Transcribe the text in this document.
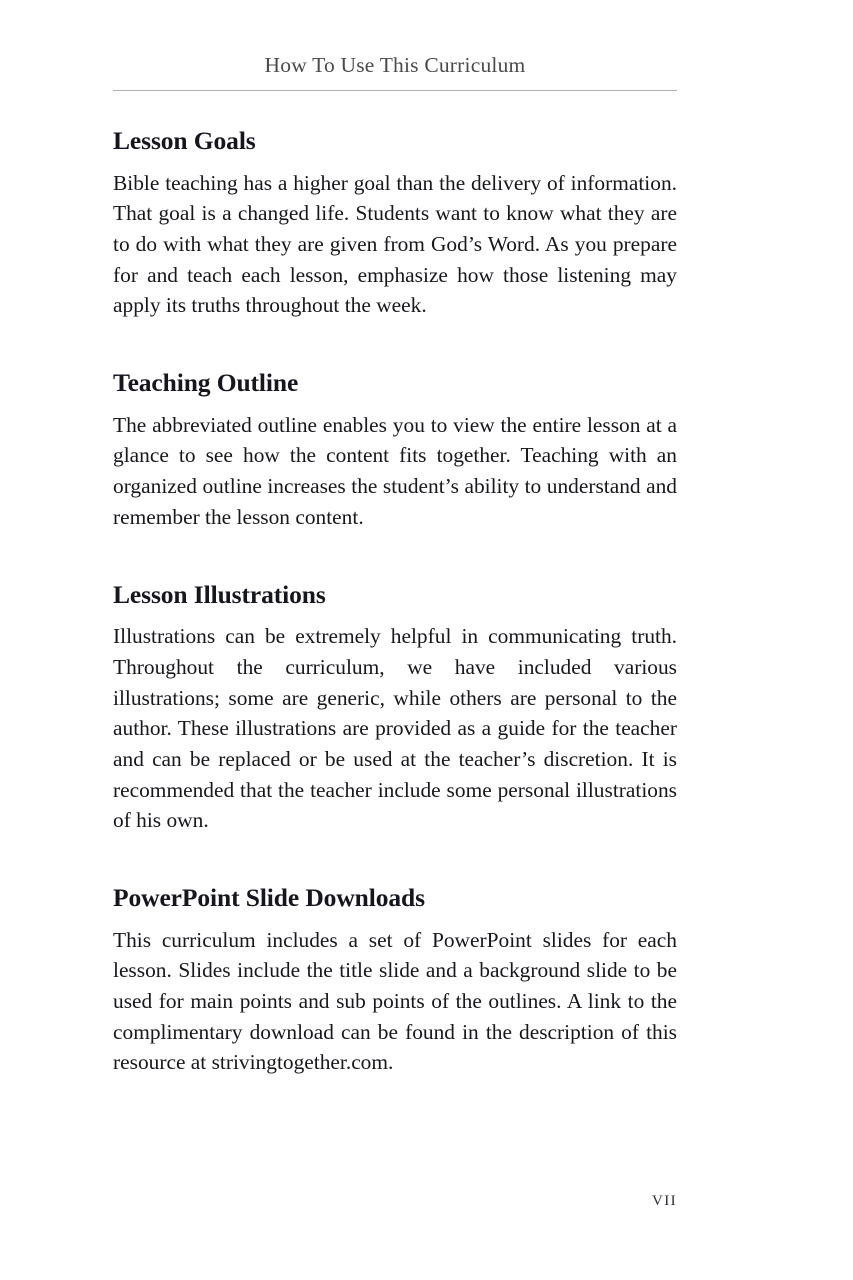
How To Use This Curriculum
Lesson Goals

Bible teaching has a higher goal than the delivery of information. That goal is a changed life. Students want to know what they are to do with what they are given from God’s Word. As you prepare for and teach each lesson, emphasize how those listening may apply its truths throughout the week.

Teaching Outline

The abbreviated outline enables you to view the entire lesson at a glance to see how the content fits together. Teaching with an organized outline increases the student’s ability to understand and remember the lesson content.

Lesson Illustrations

Illustrations can be extremely helpful in communicating truth. Throughout the curriculum, we have included various illustrations; some are generic, while others are personal to the author. These illustrations are provided as a guide for the teacher and can be replaced or be used at the teacher’s discretion. It is recommended that the teacher include some personal illustrations of his own.

PowerPoint Slide Downloads

This curriculum includes a set of PowerPoint slides for each lesson. Slides include the title slide and a background slide to be used for main points and sub points of the outlines. A link to the complimentary download can be found in the description of this resource at strivingtogether.com.

VII
